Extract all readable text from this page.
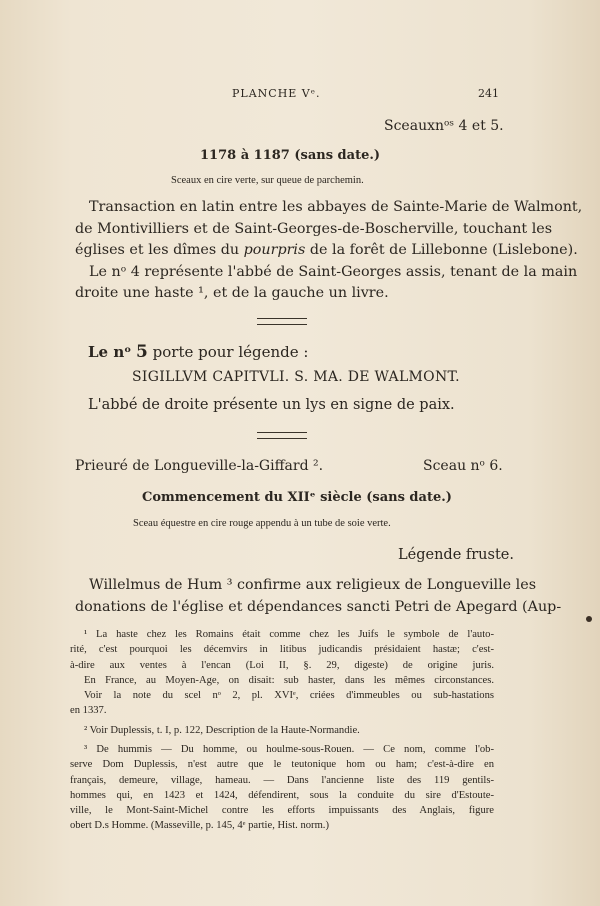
PLANCHE Vᵉ.	241
Sceauxnᵒˢ 4 et 5.
1178 à 1187 (sans date.)
Sceaux en cire verte, sur queue de parchemin.
Transaction en latin entre les abbayes de Sainte-Marie de Walmont,
de Montivilliers et de Saint-Georges-de-Boscherville, touchant les
églises et les dîmes du pourpris de la forêt de Lillebonne (Lislebone).
Le nᵒ 4 représente l'abbé de Saint-Georges assis, tenant de la main
droite une haste ¹, et de la gauche un livre.
Le nᵒ 5 porte pour légende :
SIGILLVM CAPITVLI. S. MA. DE WALMONT.
L'abbé de droite présente un lys en signe de paix.
Prieuré de Longueville-la-Giffard ².	Sceau nᵒ 6.
Commencement du XIIᵉ siècle (sans date.)
Sceau équestre en cire rouge appendu à un tube de soie verte.
Légende fruste.
Willelmus de Hum ³ confirme aux religieux de Longueville les
donations de l'église et dépendances sancti Petri de Apegard (Aup-
¹ La haste chez les Romains était comme chez les Juifs le symbole de l'auto-
rité, c'est pourquoi les décemvirs in litibus judicandis présidaient hastæ; c'est-
à-dire aux ventes à l'encan (Loi II, §. 29, digeste) de origine juris.
En France, au Moyen-Age, on disait: sub haster, dans les mêmes circonstances.
Voir la note du scel nᵒ 2, pl. XVIᵉ, criées d'immeubles ou sub-hastations
en 1337.
² Voir Duplessis, t. I, p. 122, Description de la Haute-Normandie.
³ De hummis — Du homme, ou houlme-sous-Rouen. — Ce nom, comme l'ob-
serve Dom Duplessis, n'est autre que le teutonique hom ou ham; c'est-à-dire en
français, demeure, village, hameau. — Dans l'ancienne liste des 119 gentils-
hommes qui, en 1423 et 1424, défendirent, sous la conduite du sire d'Estoute-
ville, le Mont-Saint-Michel contre les efforts impuissants des Anglais, figure
obert D.s Homme. (Masseville, p. 145, 4ᵉ partie, Hist. norm.)
